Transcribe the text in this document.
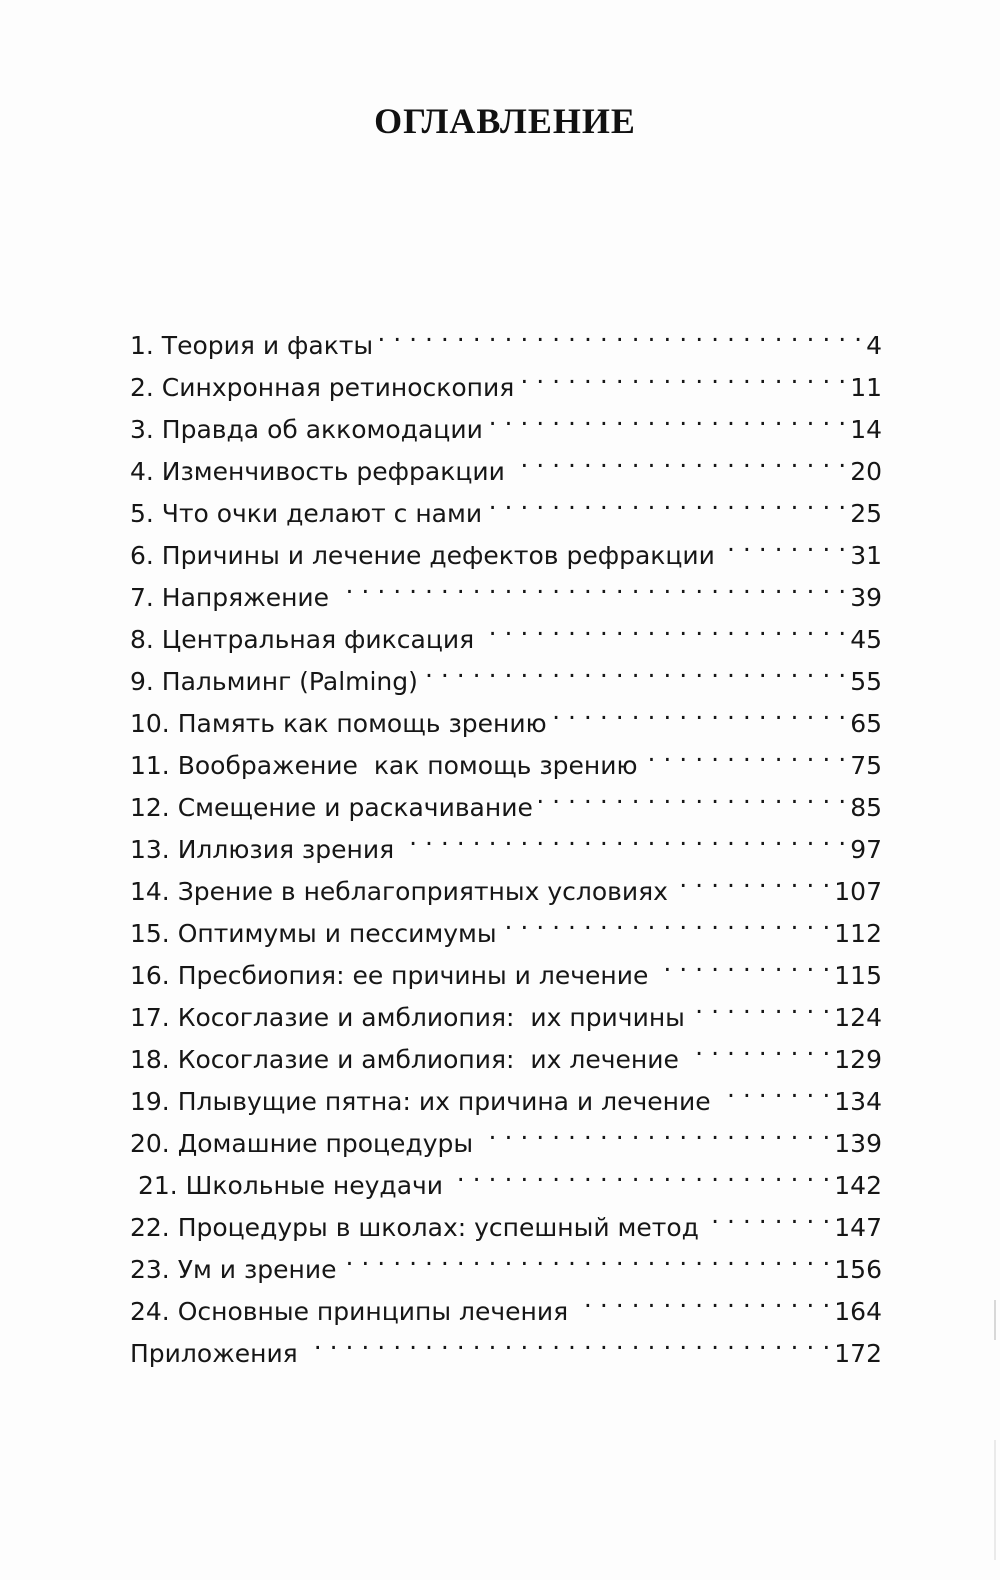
ОГЛАВЛЕНИЕ
1. Теория и факты . . .	4
2. Синхронная ретиноскопия . . .	11
3. Правда об аккомодации . . .	14
4. Изменчивость рефракции . . .	20
5. Что очки делают с нами . . .	25
6. Причины и лечение дефектов рефракции . . .	31
7. Напряжение . . .	39
8. Центральная фиксация . . .	45
9. Пальминг (Palming) . . .	55
10. Память как помощь зрению . . .	65
11. Воображение  как помощь зрению . . .	75
12. Смещение и раскачивание . . .	85
13. Иллюзия зрения . . .	97
14. Зрение в неблагоприятных условиях . . .	107
15. Оптимумы и пессимумы . . .	112
16. Пресбиопия: ее причины и лечение . . .	115
17. Косоглазие и амблиопия:  их причины . . .	124
18. Косоглазие и амблиопия:  их лечение . . .	129
19. Плывущие пятна: их причина и лечение . . .	134
20. Домашние процедуры . . .	139
21. Школьные неудачи . . .	142
22. Процедуры в школах: успешный метод . . .	147
23. Ум и зрение . . .	156
24. Основные принципы лечения . . .	164
Приложения . . .	172
